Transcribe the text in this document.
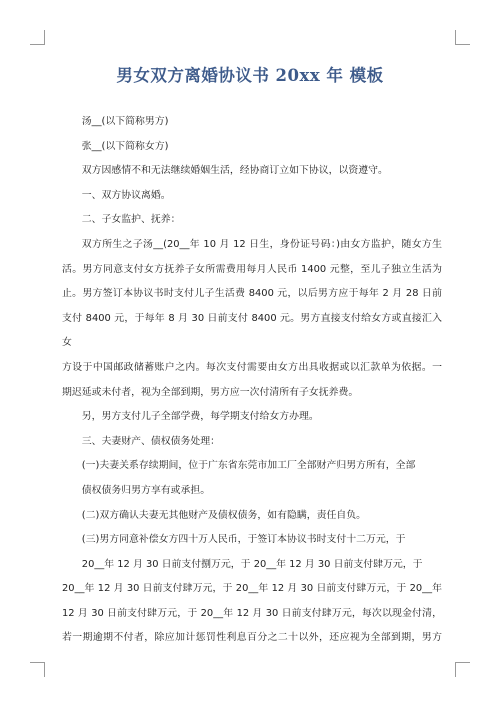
男女双方离婚协议书 20xx 年 模板

汤__(以下简称男方)

张__(以下简称女方)

双方因感情不和无法继续婚姻生活，经协商订立如下协议，以资遵守。

一、双方协议离婚。

二、子女监护、抚养：

双方所生之子汤__(20__年 10 月 12 日生，身份证号码：)由女方监护，随女方生

活。男方同意支付女方抚养子女所需费用每月人民币 1400 元整，至儿子独立生活为

止。男方签订本协议书时支付儿子生活费 8400 元，以后男方应于每年 2 月 28 日前

支付 8400 元，于每年 8 月 30 日前支付 8400 元。男方直接支付给女方或直接汇入女

方设于中国邮政储蓄账户之内。每次支付需要由女方出具收据或以汇款单为依据。一

期迟延或未付者，视为全部到期，男方应一次付清所有子女抚养费。

另，男方支付儿子全部学费，每学期支付给女方办理。

三、夫妻财产、债权债务处理：

(一)夫妻关系存续期间，位于广东省东莞市加工厂全部财产归男方所有，全部

债权债务归男方享有或承担。

(二)双方确认夫妻无其他财产及债权债务，如有隐瞒，责任自负。

(三)男方同意补偿女方四十万人民币，于签订本协议书时支付十二万元，于

20__年 12 月 30 日前支付捌万元，于 20__年 12 月 30 日前支付肆万元，于

20__年 12 月 30 日前支付肆万元，于 20__年 12 月 30 日前支付肆万元，于 20__年

12 月 30 日前支付肆万元，于 20__年 12 月 30 日前支付肆万元，每次以现金付清，

若一期逾期不付者，除应加计惩罚性利息百分之二十以外，还应视为全部到期，男方
